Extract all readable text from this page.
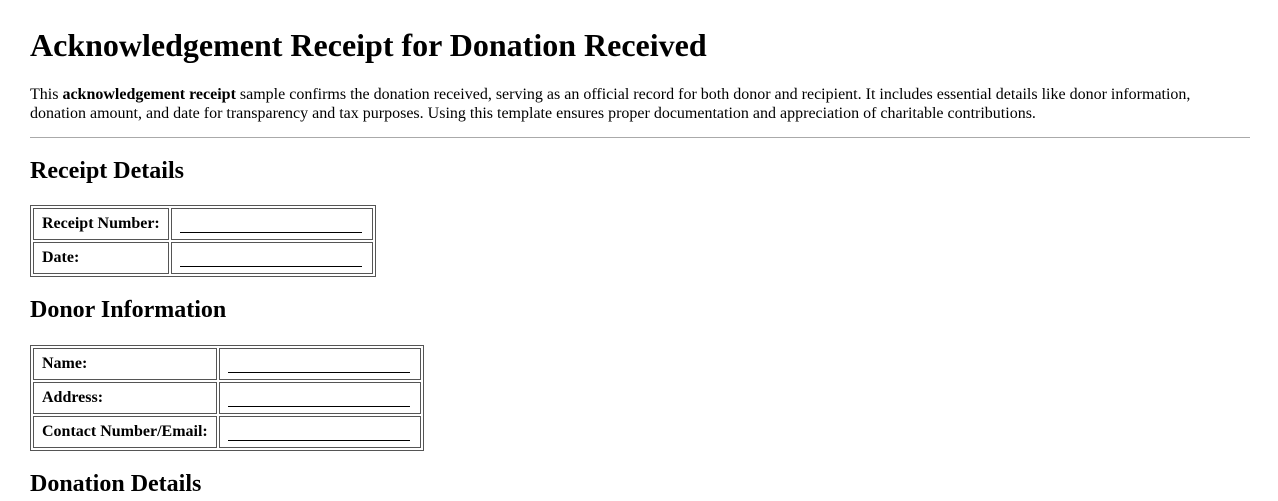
Acknowledgement Receipt for Donation Received

This acknowledgement receipt sample confirms the donation received, serving as an official record for both donor and recipient. It includes essential details like donor information, donation amount, and date for transparency and tax purposes. Using this template ensures proper documentation and appreciation of charitable contributions.

Receipt Details
Receipt Number:	
Date:	
Donor Information
Name:	
Address:	
Contact Number/Email:	
Donation Details
